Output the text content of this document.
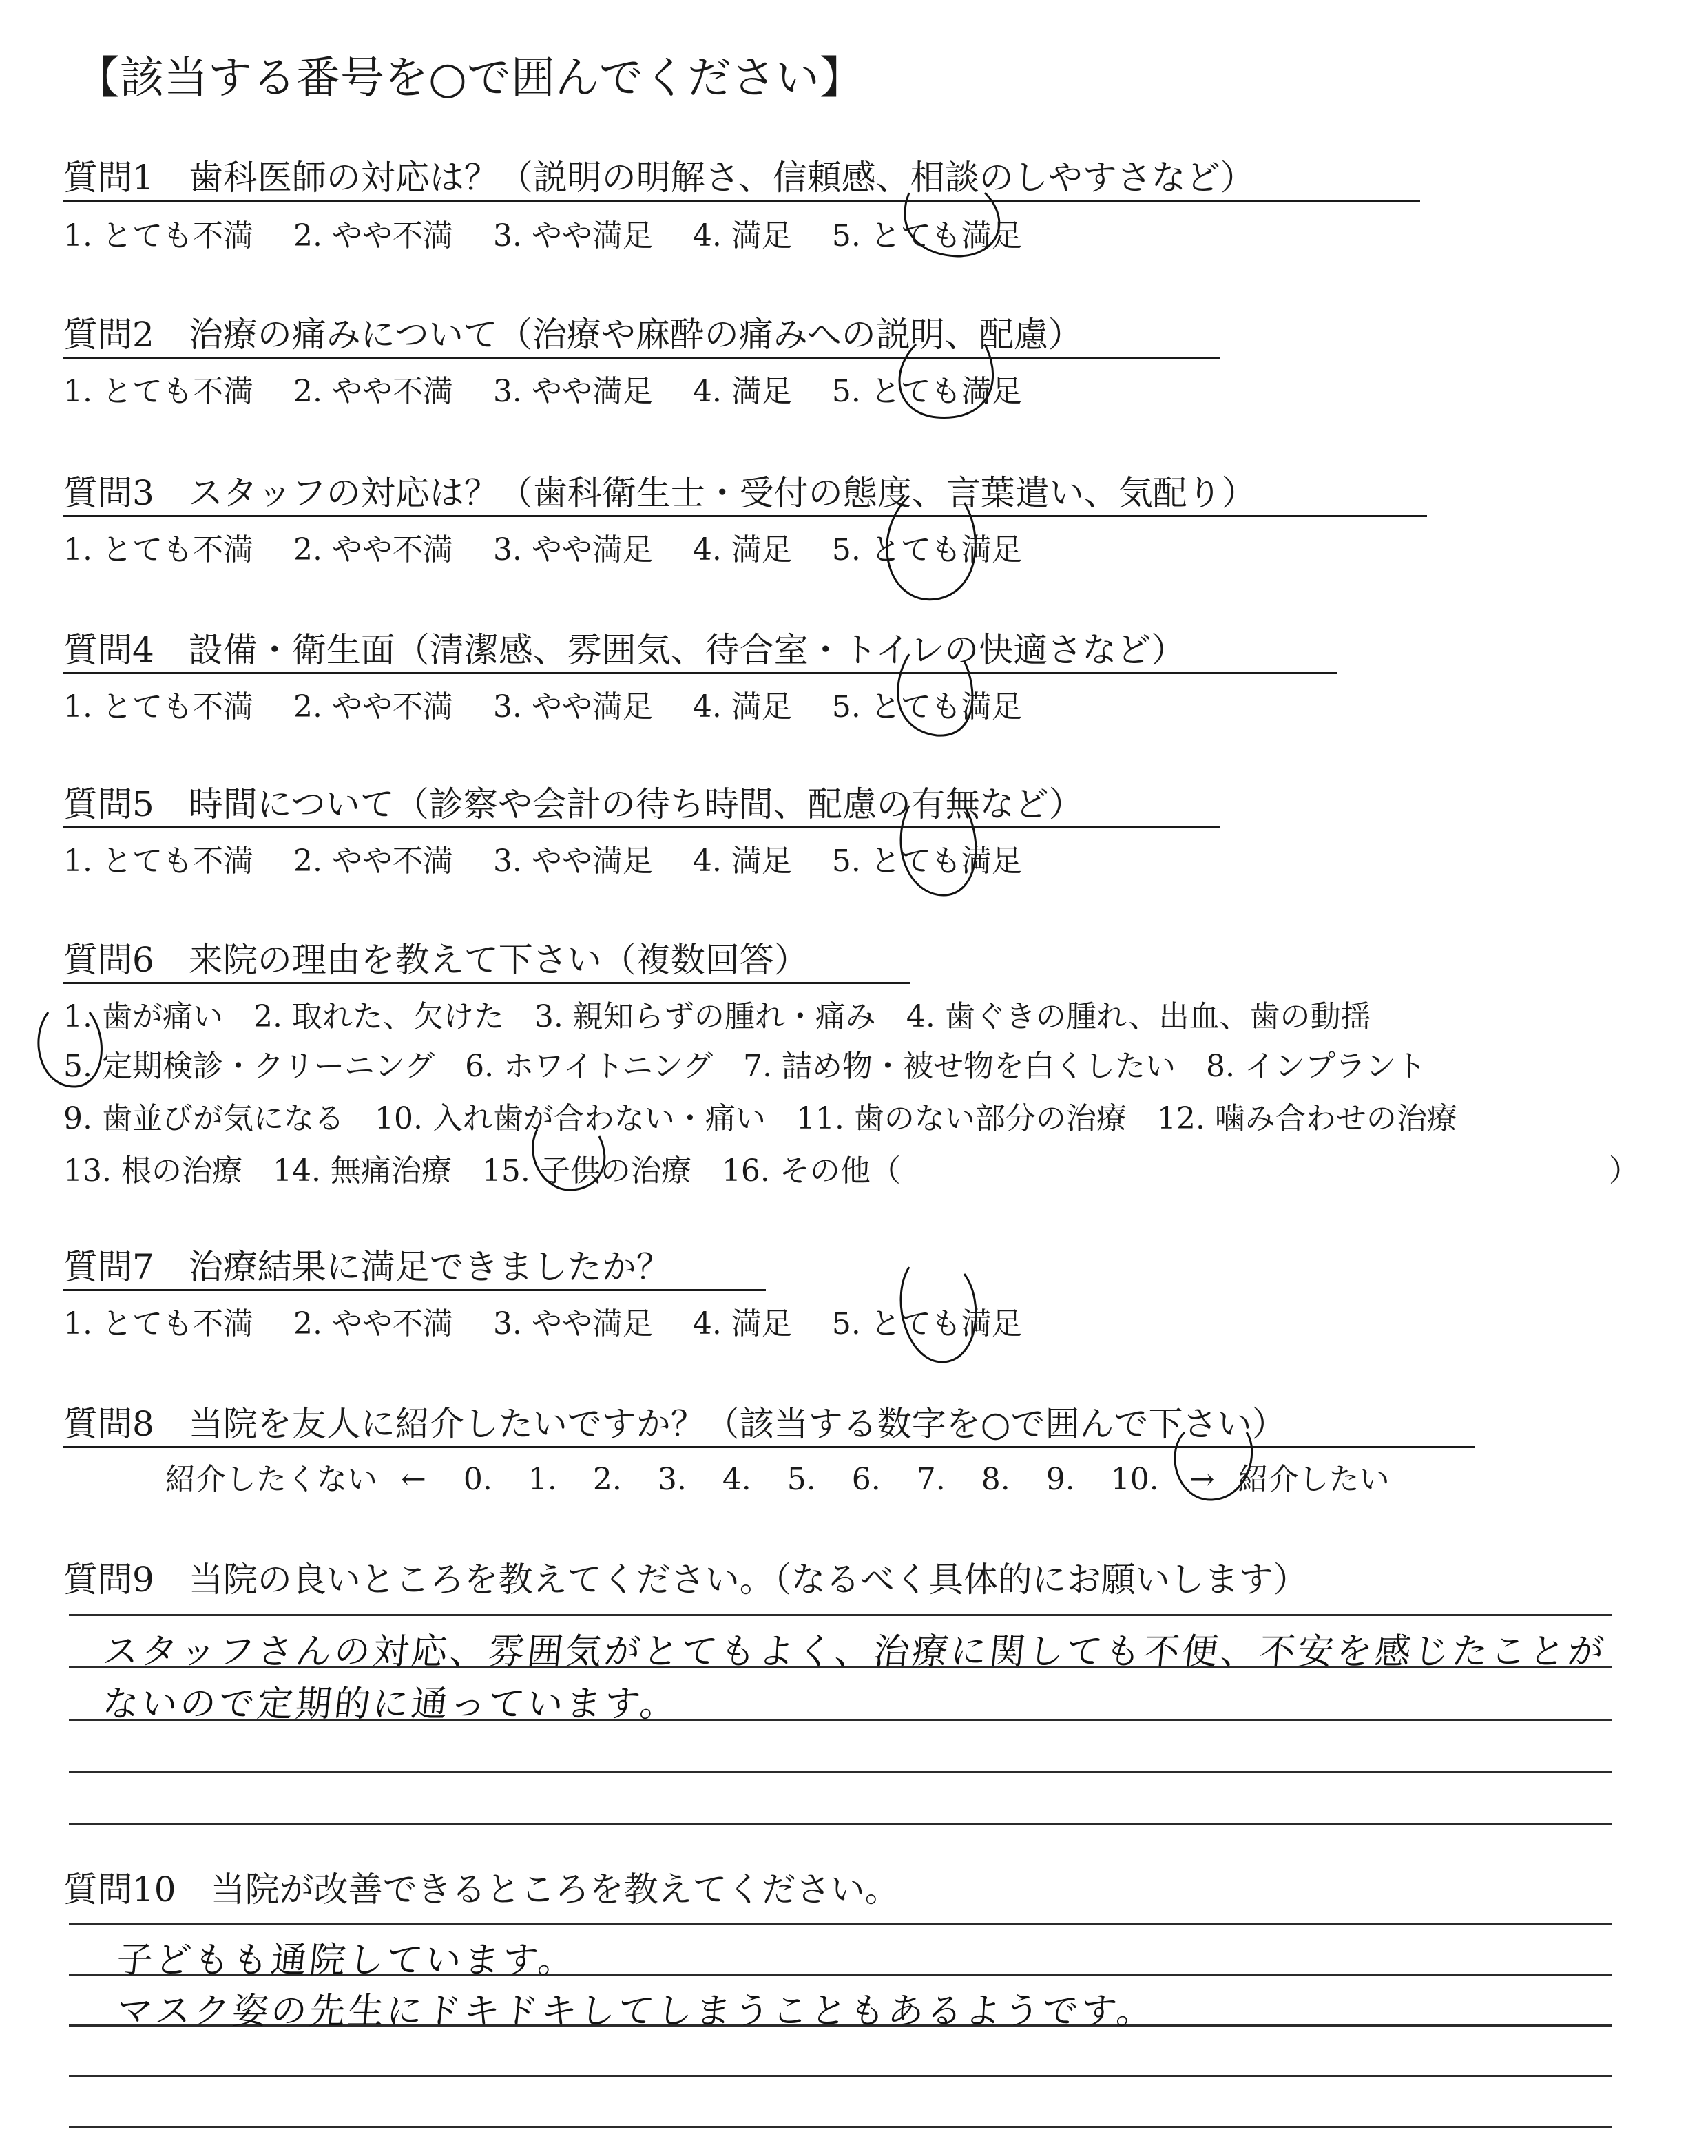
【該当する番号を○で囲んでください】
質問1　歯科医師の対応は？（説明の明解さ、信頼感、相談のしやすさなど）
1. とても不満 2. やや不満 3. やや満足 4. 満足 5. とても満足
質問2　治療の痛みについて（治療や麻酔の痛みへの説明、配慮）
1. とても不満 2. やや不満 3. やや満足 4. 満足 5. とても満足
質問3　スタッフの対応は？（歯科衛生士・受付の態度、言葉遣い、気配り）
1. とても不満 2. やや不満 3. やや満足 4. 満足 5. とても満足
質問4　設備・衛生面（清潔感、雰囲気、待合室・トイレの快適さなど）
1. とても不満 2. やや不満 3. やや満足 4. 満足 5. とても満足
質問5　時間について（診察や会計の待ち時間、配慮の有無など）
1. とても不満 2. やや不満 3. やや満足 4. 満足 5. とても満足
質問6　来院の理由を教えて下さい（複数回答）
1. 歯が痛い　2. 取れた、欠けた　3. 親知らずの腫れ・痛み　4. 歯ぐきの腫れ、出血、歯の動揺
5. 定期検診・クリーニング　6. ホワイトニング　7. 詰め物・被せ物を白くしたい　8. インプラント
9. 歯並びが気になる　10. 入れ歯が合わない・痛い　11. 歯のない部分の治療　12. 噛み合わせの治療
13. 根の治療　14. 無痛治療　15. 子供の治療　16. その他（	）
質問7　治療結果に満足できましたか？
1. とても不満 2. やや不満 3. やや満足 4. 満足 5. とても満足
質問8　当院を友人に紹介したいですか？（該当する数字を○で囲んで下さい）
紹介したくない ← 0. 1. 2. 3. 4. 5. 6. 7. 8. 9. 10. → 紹介したい
質問9　当院の良いところを教えてください。（なるべく具体的にお願いします）
スタッフさんの対応、雰囲気がとてもよく、治療に関しても不便、不安を感じたことが
ないので定期的に通っています。
質問10　当院が改善できるところを教えてください。
子どもも通院しています。
マスク姿の先生にドキドキしてしまうこともあるようです。
